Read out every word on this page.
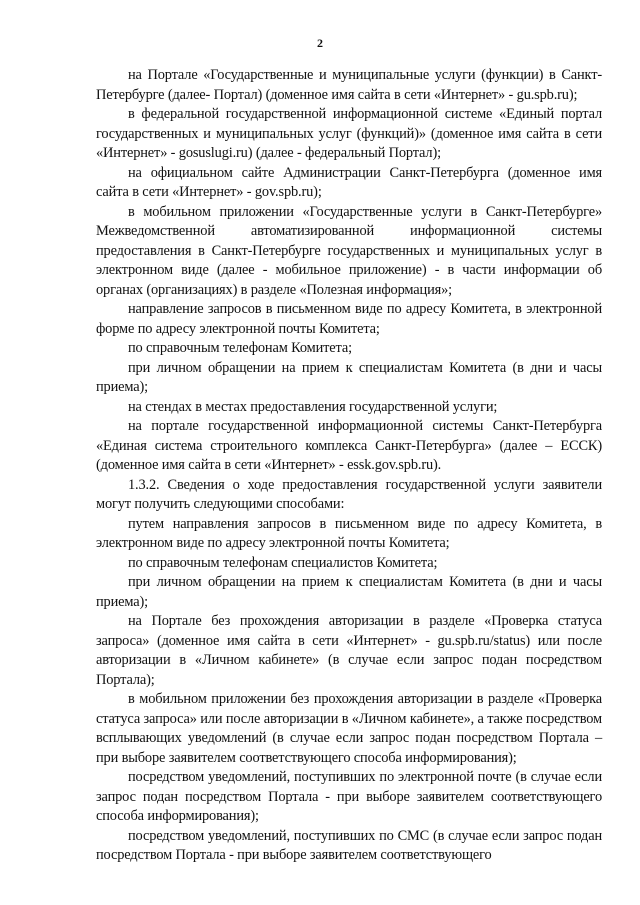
2

на Портале «Государственные и муниципальные услуги (функции) в Санкт-Петербурге (далее- Портал) (доменное имя сайта в сети «Интернет» - gu.spb.ru);

в федеральной государственной информационной системе «Единый портал государственных и муниципальных услуг (функций)» (доменное имя сайта в сети «Интернет» - gosuslugi.ru) (далее - федеральный Портал);

на официальном сайте Администрации Санкт-Петербурга (доменное имя сайта в сети «Интернет» - gov.spb.ru);

в мобильном приложении «Государственные услуги в Санкт-Петербурге» Межведомственной автоматизированной информационной системы предоставления в Санкт-Петербурге государственных и муниципальных услуг в электронном виде (далее - мобильное приложение) - в части информации об органах (организациях) в разделе «Полезная информация»;

направление запросов в письменном виде по адресу Комитета, в электронной форме по адресу электронной почты Комитета;

по справочным телефонам Комитета;

при личном обращении на прием к специалистам Комитета (в дни и часы приема);

на стендах в местах предоставления государственной услуги;

на портале государственной информационной системы Санкт-Петербурга «Единая система строительного комплекса Санкт-Петербурга» (далее – ЕССК) (доменное имя сайта в сети «Интернет» - essk.gov.spb.ru).

1.3.2. Сведения о ходе предоставления государственной услуги заявители могут получить следующими способами:

путем направления запросов в письменном виде по адресу Комитета, в электронном виде по адресу электронной почты Комитета;

по справочным телефонам специалистов Комитета;

при личном обращении на прием к специалистам Комитета (в дни и часы приема);

на Портале без прохождения авторизации в разделе «Проверка статуса запроса» (доменное имя сайта в сети «Интернет» - gu.spb.ru/status) или после авторизации в «Личном кабинете» (в случае если запрос подан посредством Портала);

в мобильном приложении без прохождения авторизации в разделе «Проверка статуса запроса» или после авторизации в «Личном кабинете», а также посредством всплывающих уведомлений (в случае если запрос подан посредством Портала – при выборе заявителем соответствующего способа информирования);

посредством уведомлений, поступивших по электронной почте (в случае если запрос подан посредством Портала - при выборе заявителем соответствующего способа информирования);

посредством уведомлений, поступивших по СМС (в случае если запрос подан посредством Портала - при выборе заявителем соответствующего
